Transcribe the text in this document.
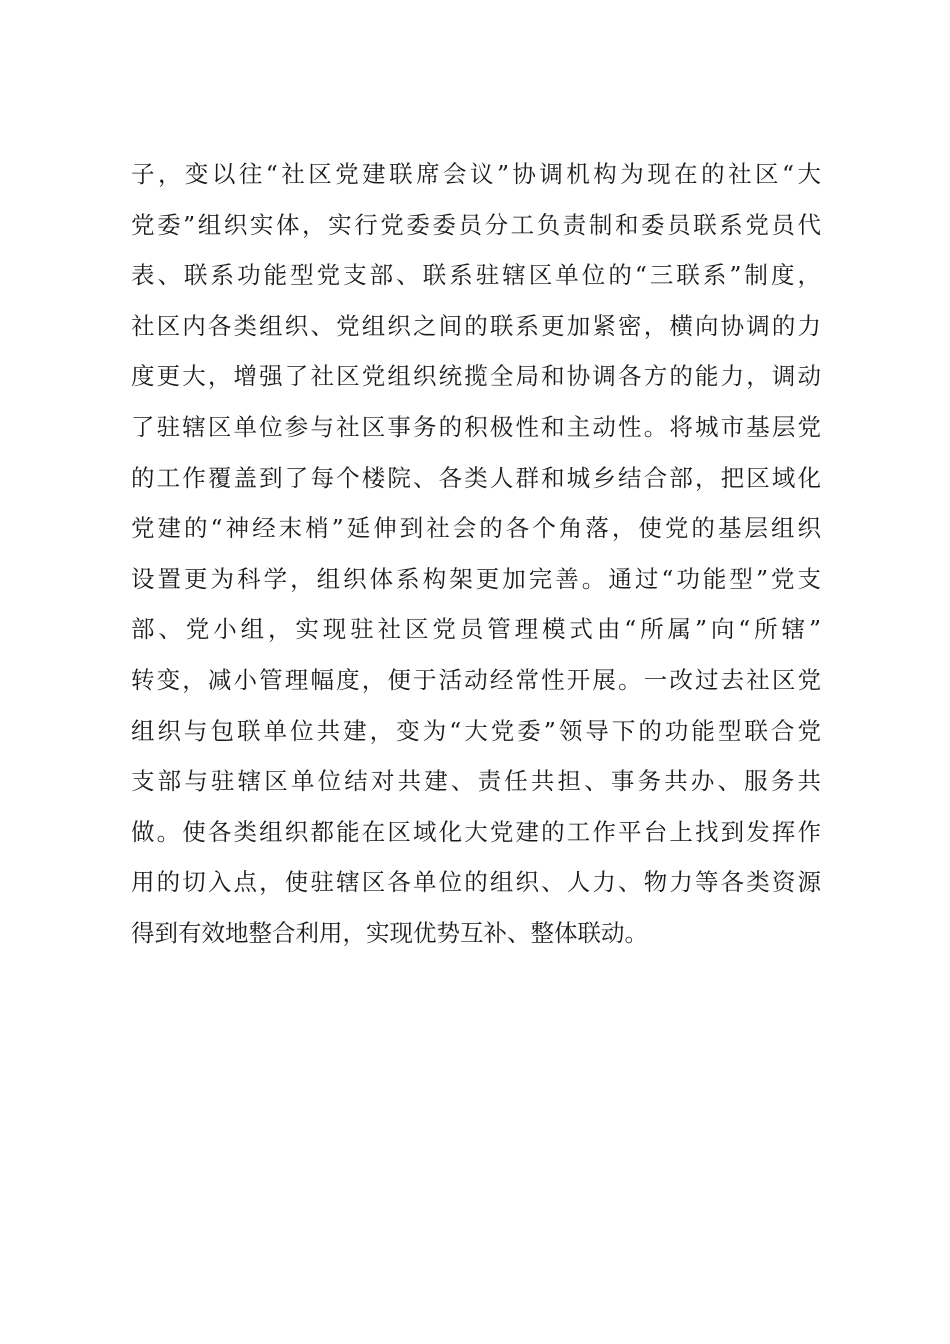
子，变以往“社区党建联席会议”协调机构为现在的社区“大
党委”组织实体，实行党委委员分工负责制和委员联系党员代
表、联系功能型党支部、联系驻辖区单位的“三联系”制度，
社区内各类组织、党组织之间的联系更加紧密，横向协调的力
度更大，增强了社区党组织统揽全局和协调各方的能力，调动
了驻辖区单位参与社区事务的积极性和主动性。将城市基层党
的工作覆盖到了每个楼院、各类人群和城乡结合部，把区域化
党建的“神经末梢”延伸到社会的各个角落，使党的基层组织
设置更为科学，组织体系构架更加完善。通过“功能型”党支
部、党小组，实现驻社区党员管理模式由“所属”向“所辖”
转变，减小管理幅度，便于活动经常性开展。一改过去社区党
组织与包联单位共建，变为“大党委”领导下的功能型联合党
支部与驻辖区单位结对共建、责任共担、事务共办、服务共
做。使各类组织都能在区域化大党建的工作平台上找到发挥作
用的切入点，使驻辖区各单位的组织、人力、物力等各类资源
得到有效地整合利用，实现优势互补、整体联动。
